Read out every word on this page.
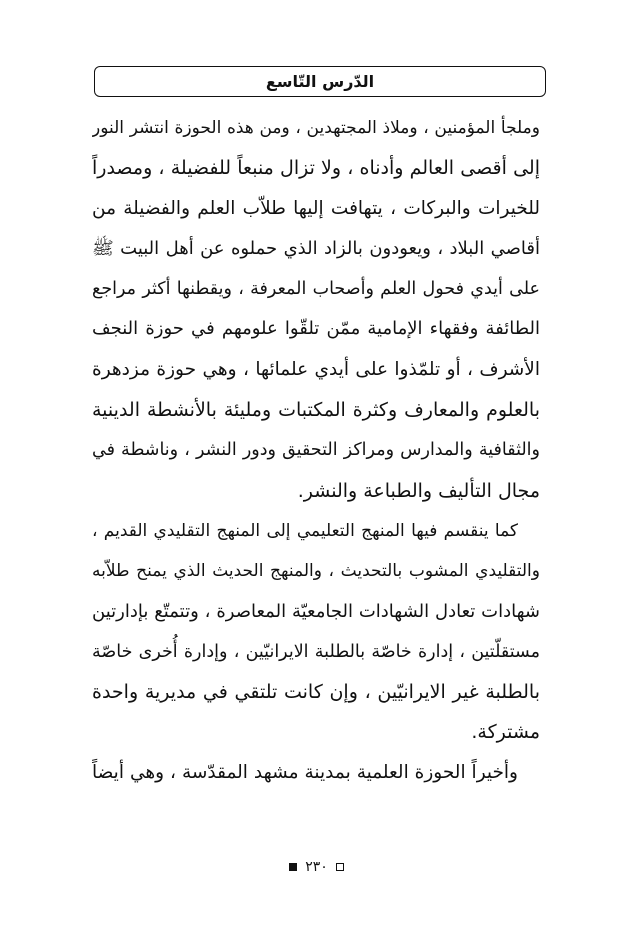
الدّرس التّاسع
وملجأ المؤمنين ، وملاذ المجتهدين ، ومن هذه الحوزة انتشر النور
إلى أقصى العالم وأدناه ، ولا تزال منبعاً للفضيلة ، ومصدراً
للخيرات والبركات ، يتهافت إليها طلاّب العلم والفضيلة من
أقاصي البلاد ، ويعودون بالزاد الذي حملوه عن أهل البيت ﷺ
على أيدي فحول العلم وأصحاب المعرفة ، ويقطنها أكثر مراجع
الطائفة وفقهاء الإمامية ممّن تلقّوا علومهم في حوزة النجف
الأشرف ، أو تلمّذوا على أيدي علمائها ، وهي حوزة مزدهرة
بالعلوم والمعارف وكثرة المكتبات ومليئة بالأنشطة الدينية
والثقافية والمدارس ومراكز التحقيق ودور النشر ، وناشطة في
مجال التأليف والطباعة والنشر.
كما ينقسم فيها المنهج التعليمي إلى المنهج التقليدي القديم ،
والتقليدي المشوب بالتحديث ، والمنهج الحديث الذي يمنح طلاّبه
شهادات تعادل الشهادات الجامعيّة المعاصرة ، وتتمتّع بإدارتين
مستقلّتين ، إدارة خاصّة بالطلبة الايرانيّين ، وإدارة أُخرى خاصّة
بالطلبة غير الايرانيّين ، وإن كانت تلتقي في مديرية واحدة
مشتركة.
وأخيراً الحوزة العلمية بمدينة مشهد المقدّسة ، وهي أيضاً
٢٣٠
